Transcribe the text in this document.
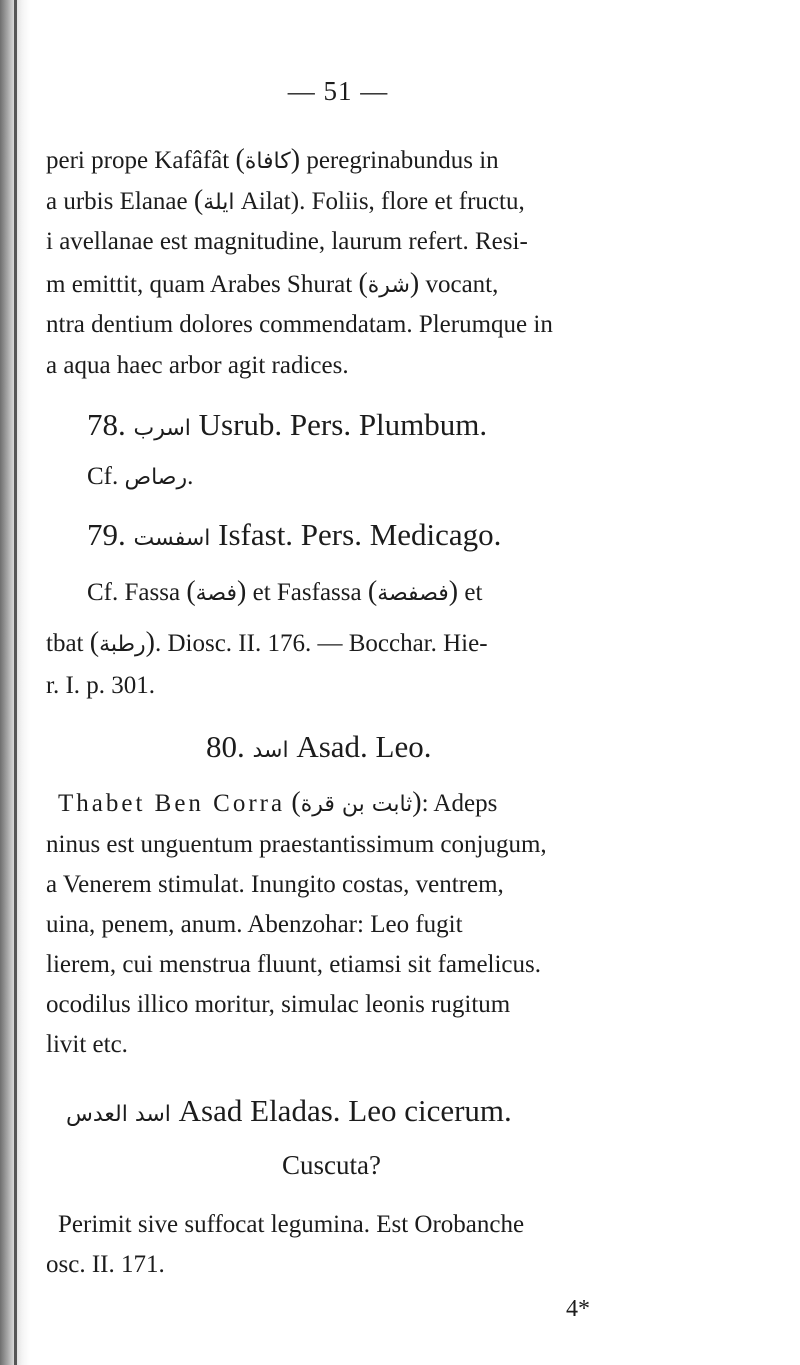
— 51 —
peri prope Kafâfât (كافاة) peregrinabundus in
a urbis Elanae (ايلة Ailat). Foliis, flore et fructu,
i avellanae est magnitudine, laurum refert. Resi-
m emittit, quam Arabes Shurat (شرة) vocant,
ntra dentium dolores commendatam. Plerumque in
a aqua haec arbor agit radices.
78. اسرب Usrub. Pers. Plumbum.
Cf. رصاص.
79. اسفست Isfast. Pers. Medicago.
Cf. Fassa (فصة) et Fasfassa (فصفصة) et
tbat (رطبة). Diosc. II. 176. — Bocchar. Hie-
r. I. p. 301.
80. اسد Asad. Leo.
Thabet Ben Corra (ثابت بن قرة): Adeps
ninus est unguentum praestantissimum conjugum,
a Venerem stimulat. Inungito costas, ventrem,
uina, penem, anum. Abenzohar: Leo fugit
lierem, cui menstrua fluunt, etiamsi sit famelicus.
ocodilus illico moritur, simulac leonis rugitum
livit etc.
اسد العدس Asad Eladas. Leo cicerum.
Cuscuta?
Perimit sive suffocat legumina. Est Orobanche
osc. II. 171.
4*
